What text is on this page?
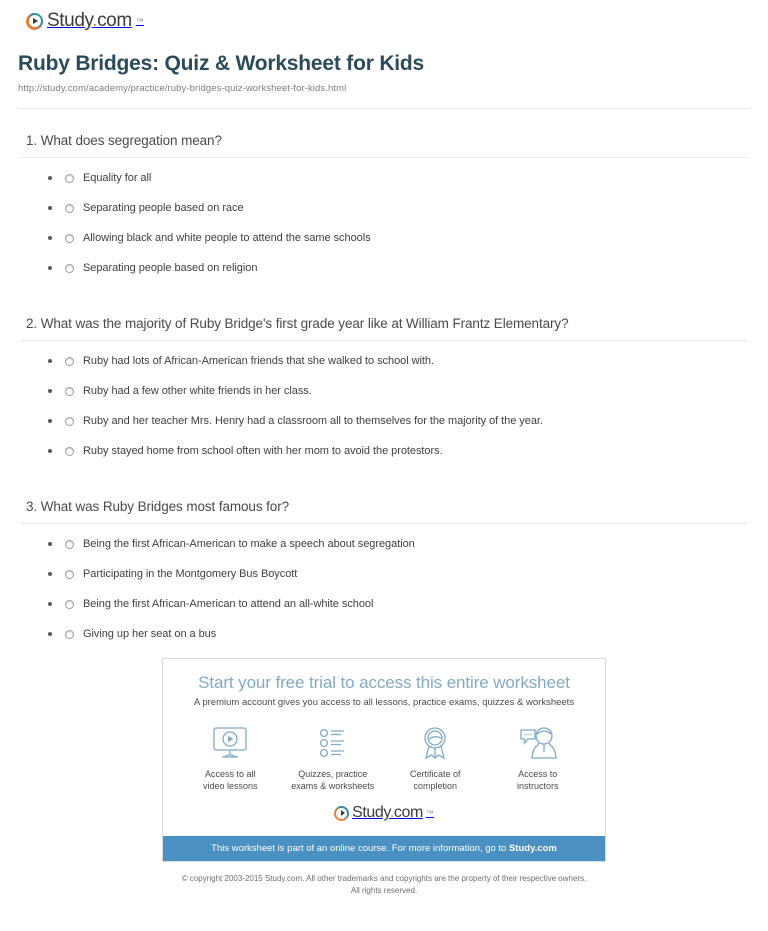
Study.com ™
Ruby Bridges: Quiz & Worksheet for Kids

http://study.com/academy/practice/ruby-bridges-quiz-worksheet-for-kids.html

1. What does segregation mean?
Equality for all
Separating people based on race
Allowing black and white people to attend the same schools
Separating people based on religion
2. What was the majority of Ruby Bridge's first grade year like at William Frantz Elementary?
Ruby had lots of African-American friends that she walked to school with.
Ruby had a few other white friends in her class.
Ruby and her teacher Mrs. Henry had a classroom all to themselves for the majority of the year.
Ruby stayed home from school often with her mom to avoid the protestors.
3. What was Ruby Bridges most famous for?
Being the first African-American to make a speech about segregation
Participating in the Montgomery Bus Boycott
Being the first African-American to attend an all-white school
Giving up her seat on a bus

Start your free trial to access this entire worksheet

A premium account gives you access to all lessons, practice exams, quizzes & worksheets

Access to all
video lessons
Quizzes, practice
exams & worksheets
Certificate of
completion
Access to
instructors
Study.com ™
This worksheet is part of an online course. For more information, go to Study.com
© copyright 2003-2015 Study.com. All other trademarks and copyrights are the property of their respective owners.
All rights reserved.
